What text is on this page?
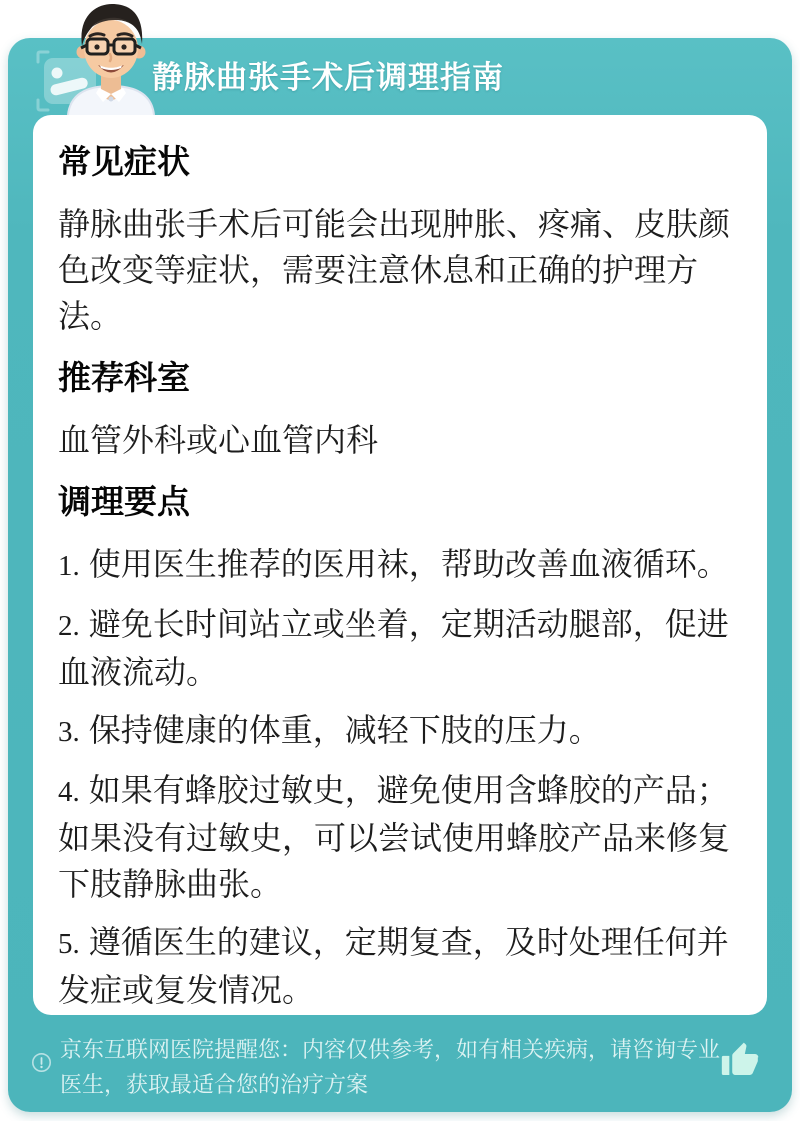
静脉曲张手术后调理指南
常见症状

静脉曲张手术后可能会出现肿胀、疼痛、皮肤颜色改变等症状，需要注意休息和正确的护理方法。

推荐科室

血管外科或心血管内科

调理要点
1. 使用医生推荐的医用袜，帮助改善血液循环。
2. 避免长时间站立或坐着，定期活动腿部，促进血液流动。
3. 保持健康的体重，减轻下肢的压力。
4. 如果有蜂胶过敏史，避免使用含蜂胶的产品；如果没有过敏史，可以尝试使用蜂胶产品来修复下肢静脉曲张。
5. 遵循医生的建议，定期复查，及时处理任何并发症或复发情况。
京东互联网医院提醒您：内容仅供参考，如有相关疾病，请咨询专业医生，获取最适合您的治疗方案
